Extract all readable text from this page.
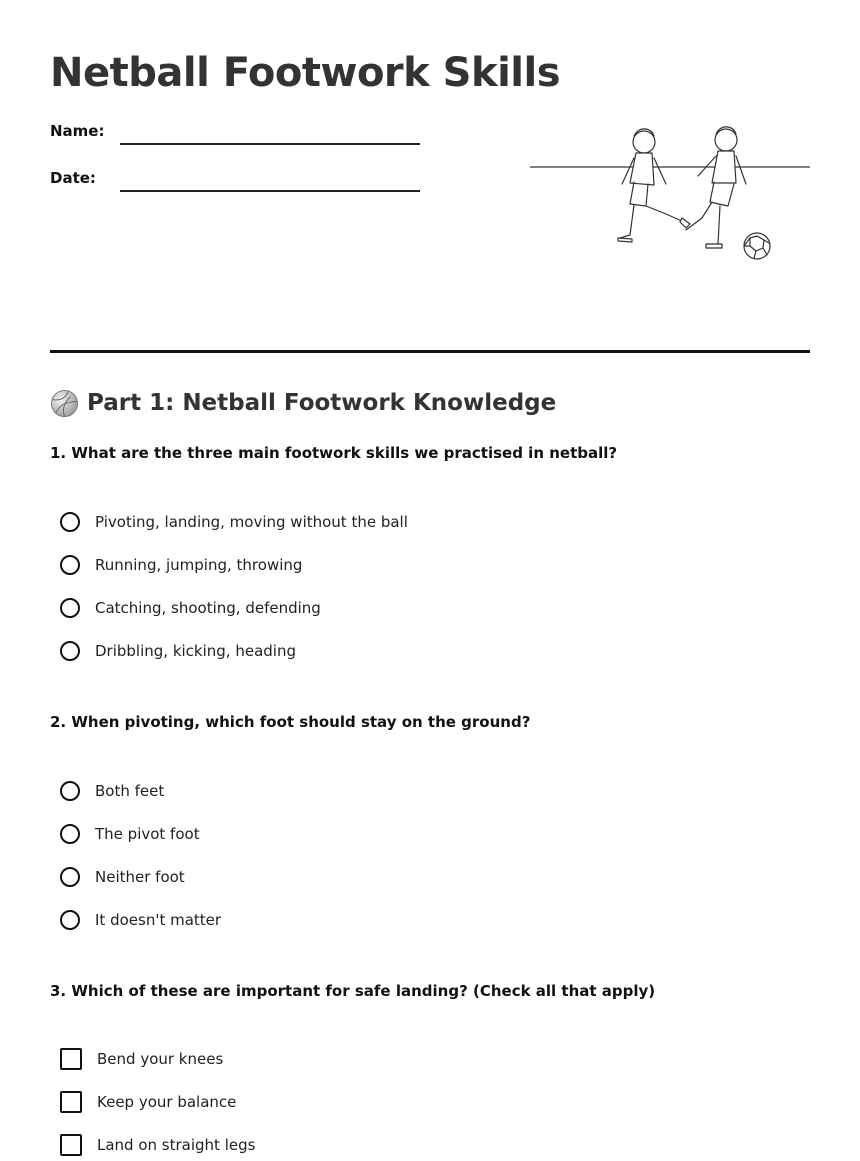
Netball Footwork Skills
Name:
Date:
Part 1: Netball Footwork Knowledge
1. What are the three main footwork skills we practised in netball?
Pivoting, landing, moving without the ball
Running, jumping, throwing
Catching, shooting, defending
Dribbling, kicking, heading
2. When pivoting, which foot should stay on the ground?
Both feet
The pivot foot
Neither foot
It doesn't matter
3. Which of these are important for safe landing? (Check all that apply)
Bend your knees
Keep your balance
Land on straight legs
